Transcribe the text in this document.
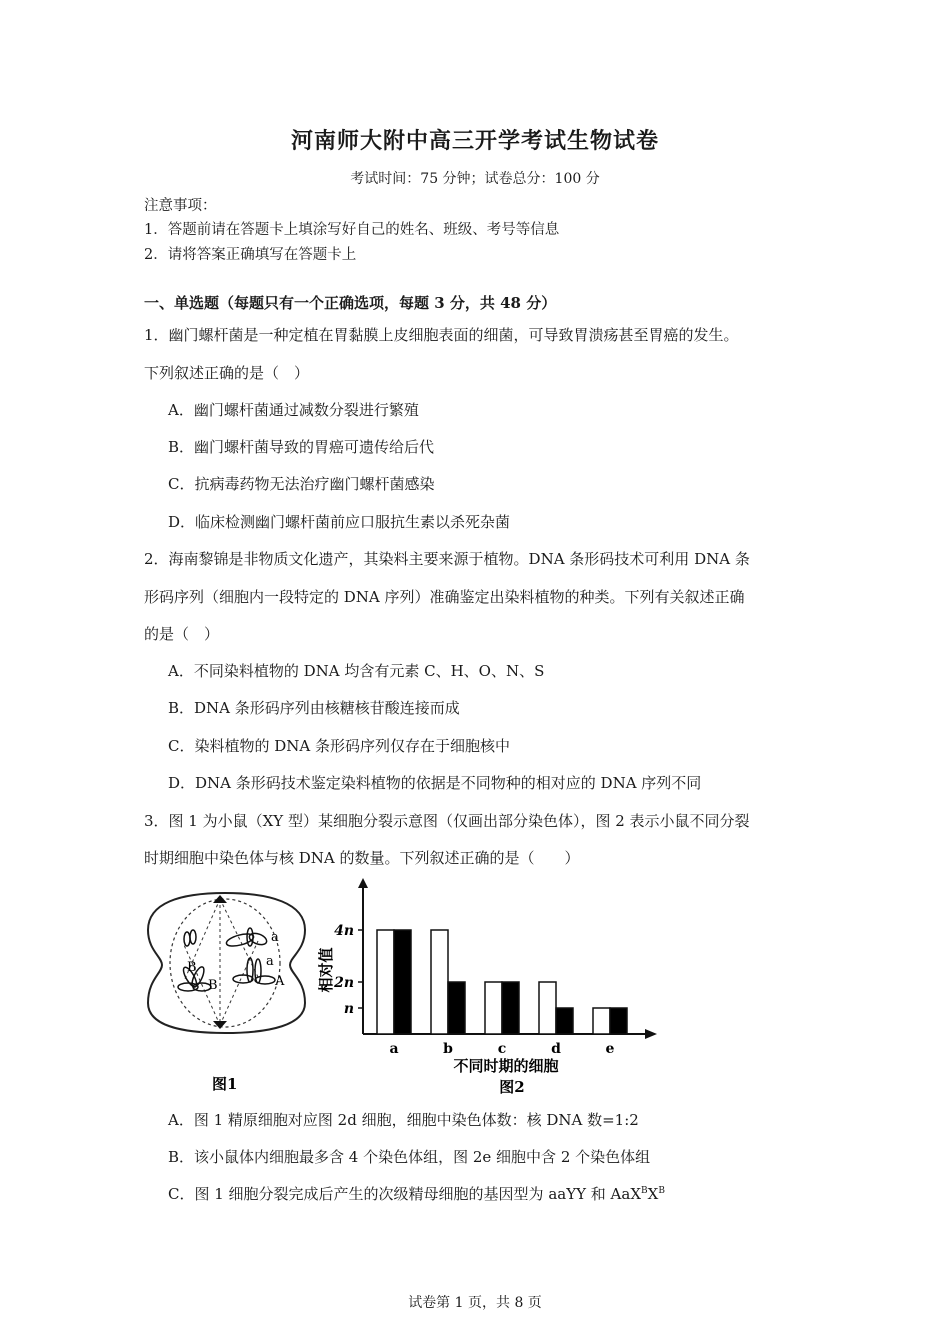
河南师大附中高三开学考试生物试卷
考试时间：75 分钟；试卷总分：100 分
注意事项：
1．答题前请在答题卡上填涂写好自己的姓名、班级、考号等信息
2．请将答案正确填写在答题卡上
一、单选题（每题只有一个正确选项，每题 3 分，共 48 分）
1．幽门螺杆菌是一种定植在胃黏膜上皮细胞表面的细菌，可导致胃溃疡甚至胃癌的发生。
下列叙述正确的是（　）
A．幽门螺杆菌通过减数分裂进行繁殖
B．幽门螺杆菌导致的胃癌可遗传给后代
C．抗病毒药物无法治疗幽门螺杆菌感染
D．临床检测幽门螺杆菌前应口服抗生素以杀死杂菌
2．海南黎锦是非物质文化遗产，其染料主要来源于植物。DNA 条形码技术可利用 DNA 条
形码序列（细胞内一段特定的 DNA 序列）准确鉴定出染料植物的种类。下列有关叙述正确
的是（　）
A．不同染料植物的 DNA 均含有元素 C、H、O、N、S
B．DNA 条形码序列由核糖核苷酸连接而成
C．染料植物的 DNA 条形码序列仅存在于细胞核中
D．DNA 条形码技术鉴定染料植物的依据是不同物种的相对应的 DNA 序列不同
3．图 1 为小鼠（XY 型）某细胞分裂示意图（仅画出部分染色体），图 2 表示小鼠不同分裂
时期细胞中染色体与核 DNA 的数量。下列叙述正确的是（　　）
a
a
B
B	A
图1
相对值
4n
2n
n
a	b	c	d	e
不同时期的细胞
图2
A．图 1 精原细胞对应图 2d 细胞，细胞中染色体数：核 DNA 数=1:2
B．该小鼠体内细胞最多含 4 个染色体组，图 2e 细胞中含 2 个染色体组
C．图 1 细胞分裂完成后产生的次级精母细胞的基因型为 aaYY 和 $AaX^BX^B$
试卷第 1 页，共 8 页
